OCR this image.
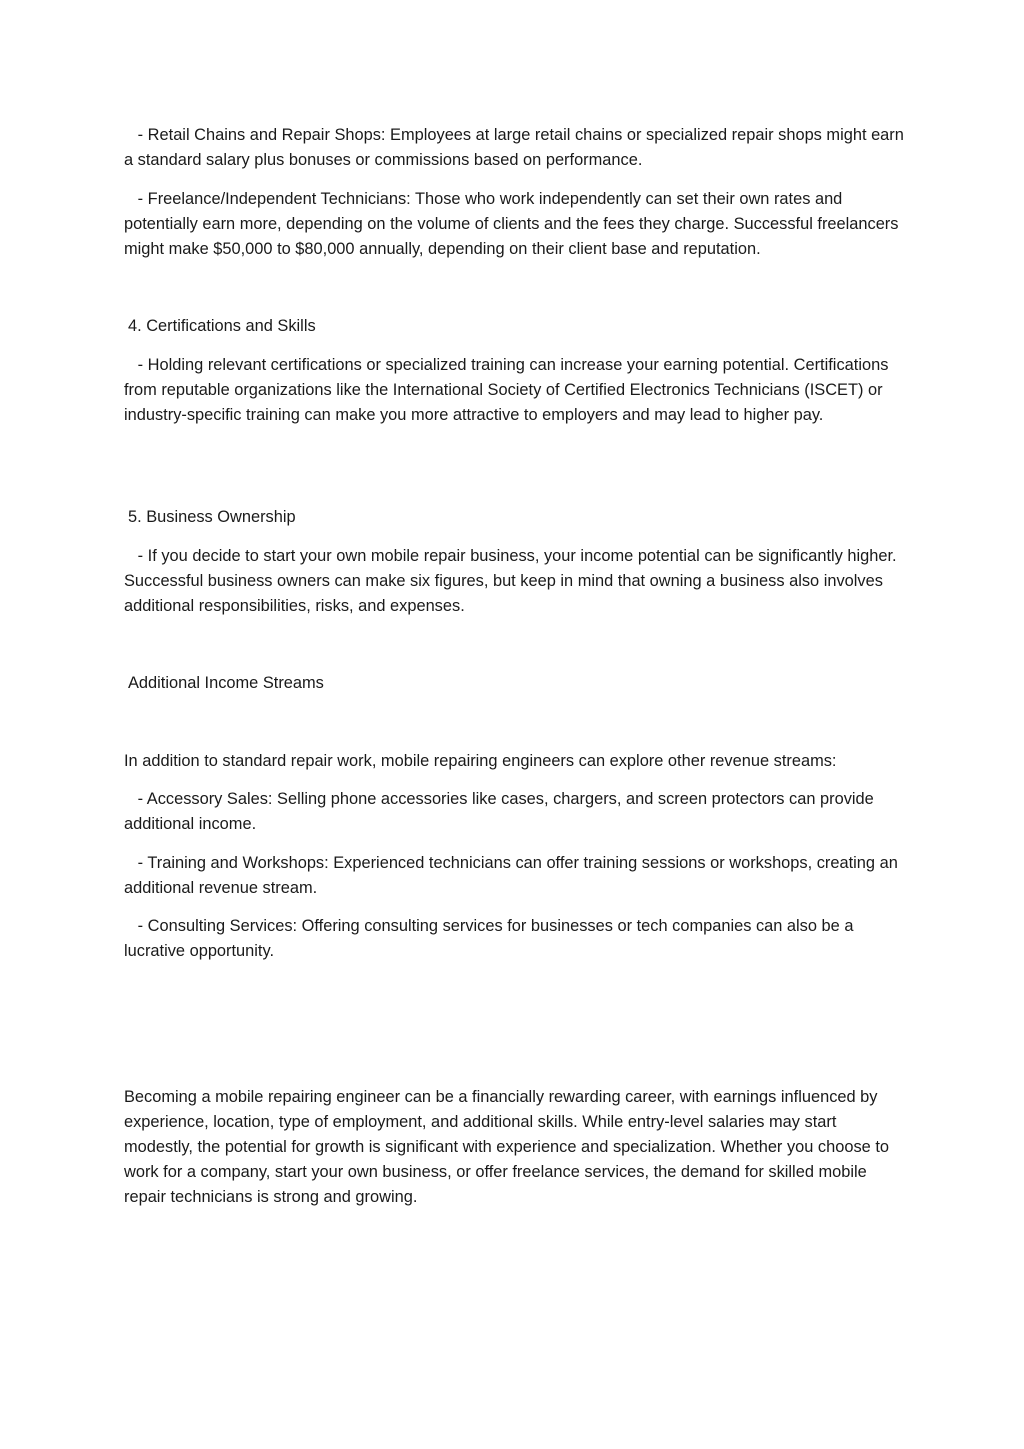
- Retail Chains and Repair Shops: Employees at large retail chains or specialized repair shops might earn a standard salary plus bonuses or commissions based on performance.

- Freelance/Independent Technicians: Those who work independently can set their own rates and potentially earn more, depending on the volume of clients and the fees they charge. Successful freelancers might make $50,000 to $80,000 annually, depending on their client base and reputation.

4. Certifications and Skills

- Holding relevant certifications or specialized training can increase your earning potential. Certifications from reputable organizations like the International Society of Certified Electronics Technicians (ISCET) or industry-specific training can make you more attractive to employers and may lead to higher pay.

5. Business Ownership

- If you decide to start your own mobile repair business, your income potential can be significantly higher. Successful business owners can make six figures, but keep in mind that owning a business also involves additional responsibilities, risks, and expenses.

Additional Income Streams

In addition to standard repair work, mobile repairing engineers can explore other revenue streams:

- Accessory Sales: Selling phone accessories like cases, chargers, and screen protectors can provide additional income.

- Training and Workshops: Experienced technicians can offer training sessions or workshops, creating an additional revenue stream.

- Consulting Services: Offering consulting services for businesses or tech companies can also be a lucrative opportunity.

Becoming a mobile repairing engineer can be a financially rewarding career, with earnings influenced by experience, location, type of employment, and additional skills. While entry-level salaries may start modestly, the potential for growth is significant with experience and specialization. Whether you choose to work for a company, start your own business, or offer freelance services, the demand for skilled mobile repair technicians is strong and growing.
